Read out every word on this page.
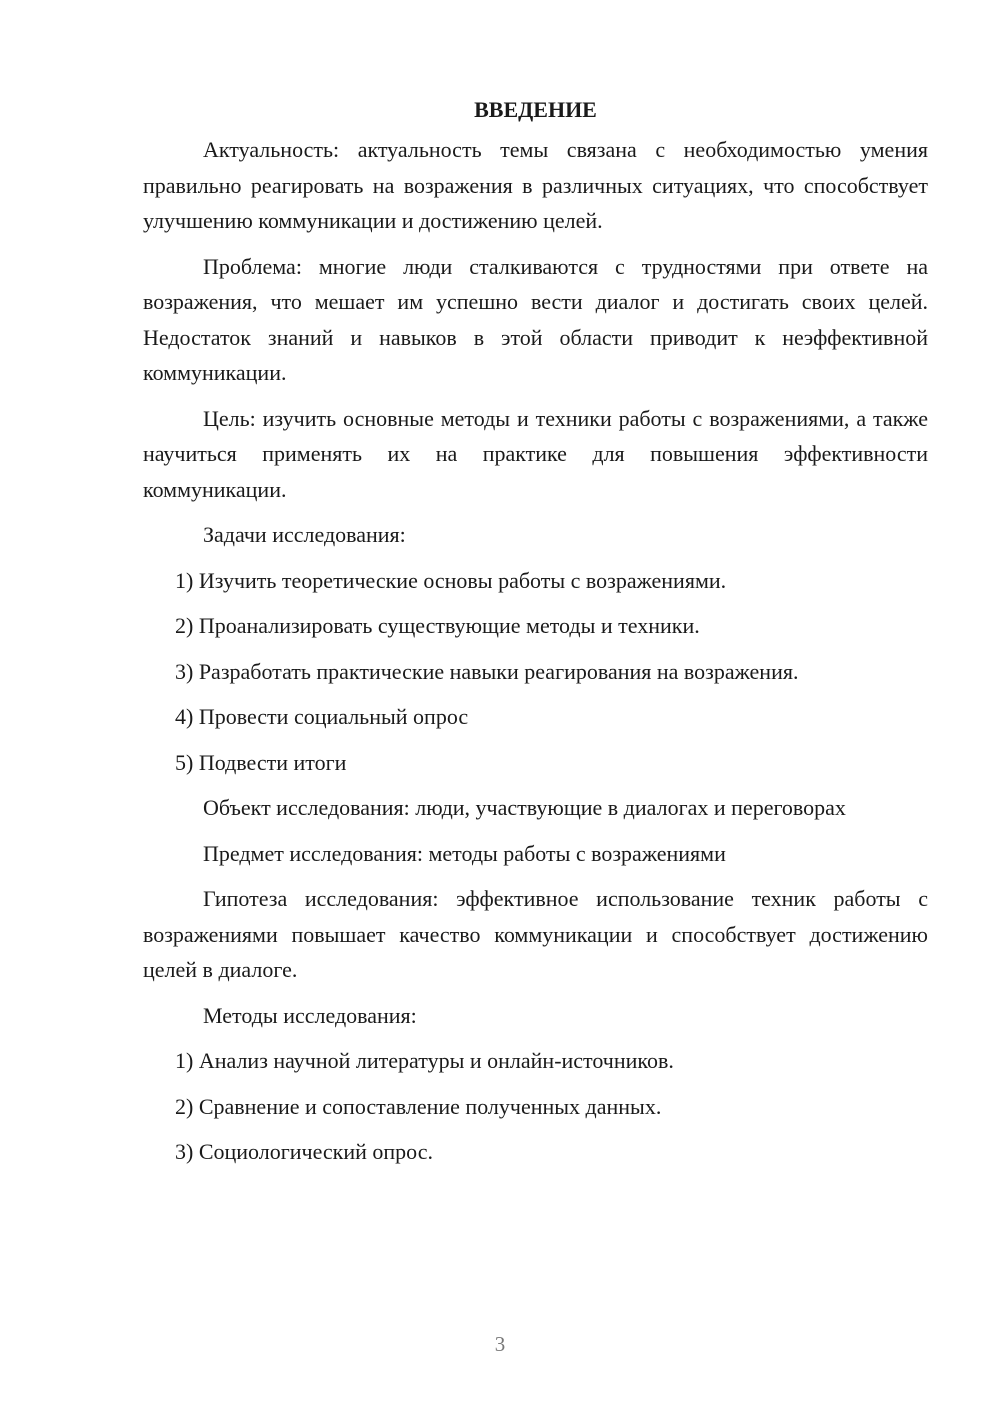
ВВЕДЕНИЕ

Актуальность: актуальность темы связана с необходимостью умения правильно реагировать на возражения в различных ситуациях, что способствует улучшению коммуникации и достижению целей.

Проблема: многие люди сталкиваются с трудностями при ответе на возражения, что мешает им успешно вести диалог и достигать своих целей. Недостаток знаний и навыков в этой области приводит к неэффективной коммуникации.

Цель: изучить основные методы и техники работы с возражениями, а также научиться применять их на практике для повышения эффективности коммуникации.

Задачи исследования:

1) Изучить теоретические основы работы с возражениями.
2) Проанализировать существующие методы и техники.
3) Разработать практические навыки реагирования на возражения.
4) Провести социальный опрос
5) Подвести итоги

Объект исследования: люди, участвующие в диалогах и переговорах

Предмет исследования: методы работы с возражениями

Гипотеза исследования: эффективное использование техник работы с возражениями повышает качество коммуникации и способствует достижению целей в диалоге.

Методы исследования:

1) Анализ научной литературы и онлайн-источников.
2) Сравнение и сопоставление полученных данных.
3) Социологический опрос.
3
